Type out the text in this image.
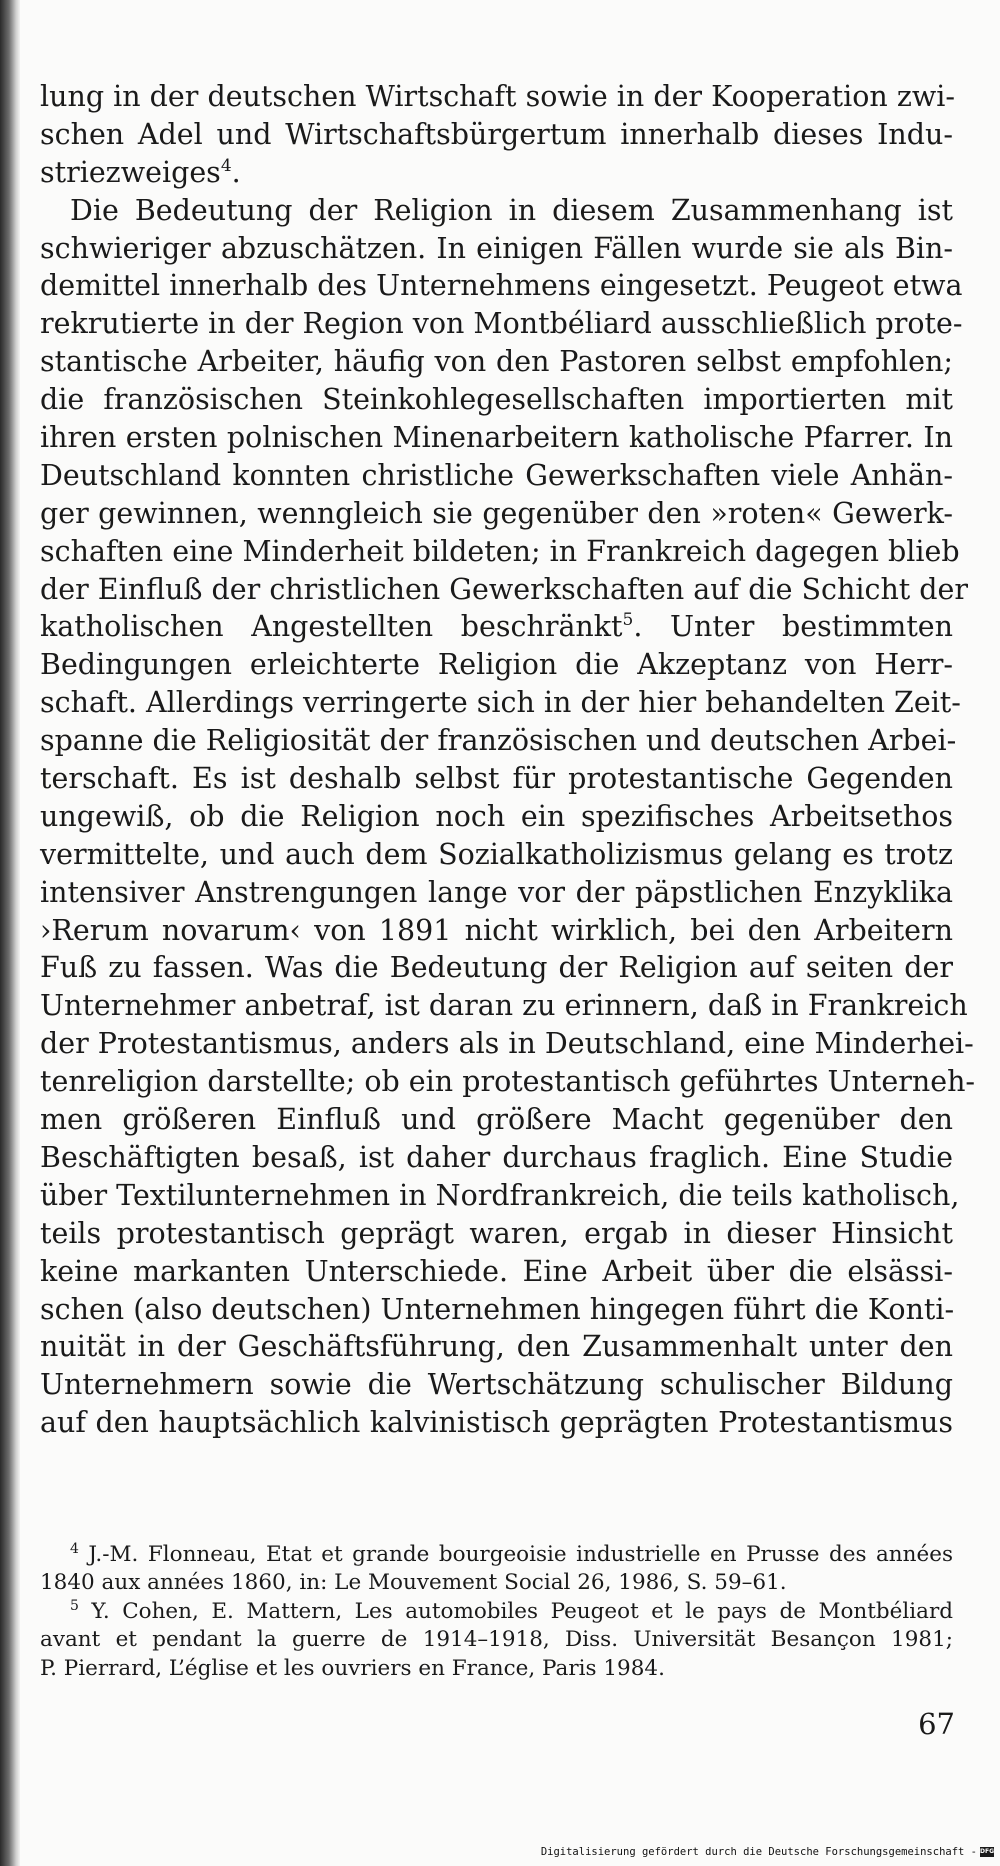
lung in der deutschen Wirtschaft sowie in der Kooperation zwi-
schen Adel und Wirtschaftsbürgertum innerhalb dieses Indu-
striezweiges$^4$.
Die Bedeutung der Religion in diesem Zusammenhang ist
schwieriger abzuschätzen. In einigen Fällen wurde sie als Bin-
demittel innerhalb des Unternehmens eingesetzt. Peugeot etwa
rekrutierte in der Region von Montbéliard ausschließlich prote-
stantische Arbeiter, häufig von den Pastoren selbst empfohlen;
die französischen Steinkohlegesellschaften importierten mit
ihren ersten polnischen Minenarbeitern katholische Pfarrer. In
Deutschland konnten christliche Gewerkschaften viele Anhän-
ger gewinnen, wenngleich sie gegenüber den »roten« Gewerk-
schaften eine Minderheit bildeten; in Frankreich dagegen blieb
der Einfluß der christlichen Gewerkschaften auf die Schicht der
katholischen Angestellten beschränkt$^5$. Unter bestimmten
Bedingungen erleichterte Religion die Akzeptanz von Herr-
schaft. Allerdings verringerte sich in der hier behandelten Zeit-
spanne die Religiosität der französischen und deutschen Arbei-
terschaft. Es ist deshalb selbst für protestantische Gegenden
ungewiß, ob die Religion noch ein spezifisches Arbeitsethos
vermittelte, und auch dem Sozialkatholizismus gelang es trotz
intensiver Anstrengungen lange vor der päpstlichen Enzyklika
›Rerum novarum‹ von 1891 nicht wirklich, bei den Arbeitern
Fuß zu fassen. Was die Bedeutung der Religion auf seiten der
Unternehmer anbetraf, ist daran zu erinnern, daß in Frankreich
der Protestantismus, anders als in Deutschland, eine Minderhei-
tenreligion darstellte; ob ein protestantisch geführtes Unterneh-
men größeren Einfluß und größere Macht gegenüber den
Beschäftigten besaß, ist daher durchaus fraglich. Eine Studie
über Textilunternehmen in Nordfrankreich, die teils katholisch,
teils protestantisch geprägt waren, ergab in dieser Hinsicht
keine markanten Unterschiede. Eine Arbeit über die elsässi-
schen (also deutschen) Unternehmen hingegen führt die Konti-
nuität in der Geschäftsführung, den Zusammenhalt unter den
Unternehmern sowie die Wertschätzung schulischer Bildung
auf den hauptsächlich kalvinistisch geprägten Protestantismus
$^4$ J.-M. Flonneau, Etat et grande bourgeoisie industrielle en Prusse des années
1840 aux années 1860, in: Le Mouvement Social 26, 1986, S. 59–61.
$^5$ Y. Cohen, E. Mattern, Les automobiles Peugeot et le pays de Montbéliard
avant et pendant la guerre de 1914–1918, Diss. Universität Besançon 1981;
P. Pierrard, L’église et les ouvriers en France, Paris 1984.
67
Digitalisierung gefördert durch die Deutsche Forschungsgemeinschaft - DFG
